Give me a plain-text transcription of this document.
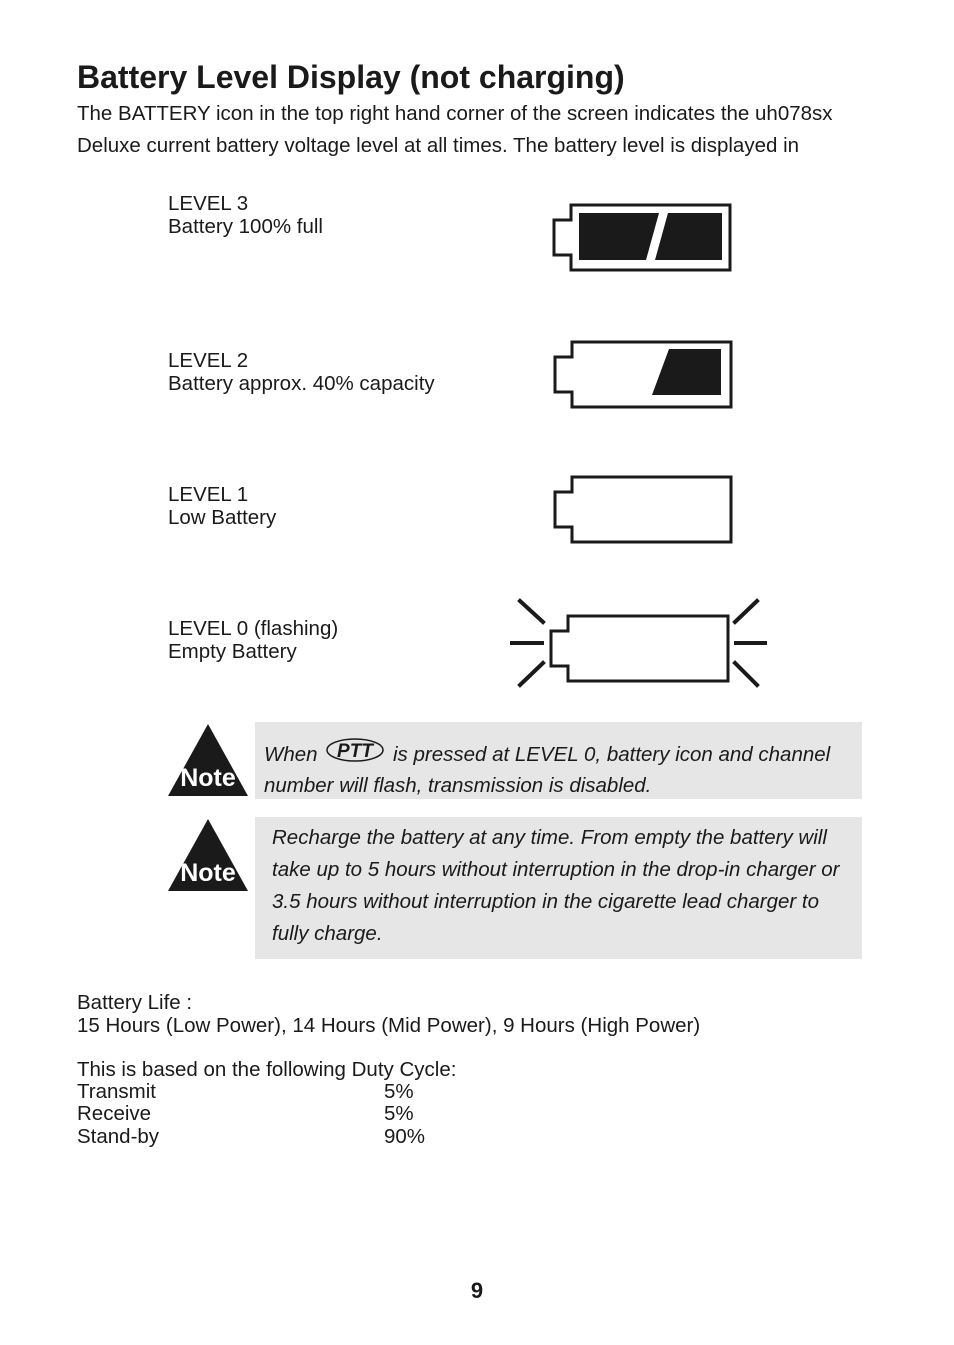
Battery Level Display (not charging)

The BATTERY icon in the top right hand corner of the screen indicates the uh078sx Deluxe current battery voltage level at all times. The battery level is displayed in

LEVEL 3
Battery 100% full
LEVEL 2
Battery approx. 40% capacity
LEVEL 1
Low Battery
LEVEL 0 (flashing)
Empty Battery
Note

When PTT is pressed at LEVEL 0, battery icon and channel number will flash, transmission is disabled.

Note

Recharge the battery at any time. From empty the battery will take up to 5 hours without interruption in the drop-in charger or 3.5 hours without interruption in the cigarette lead charger to fully charge.

Battery Life :
15 Hours (Low Power), 14 Hours (Mid Power), 9 Hours (High Power)
This is based on the following Duty Cycle:
Transmit	5%
Receive	5%
Stand-by	90%
9
